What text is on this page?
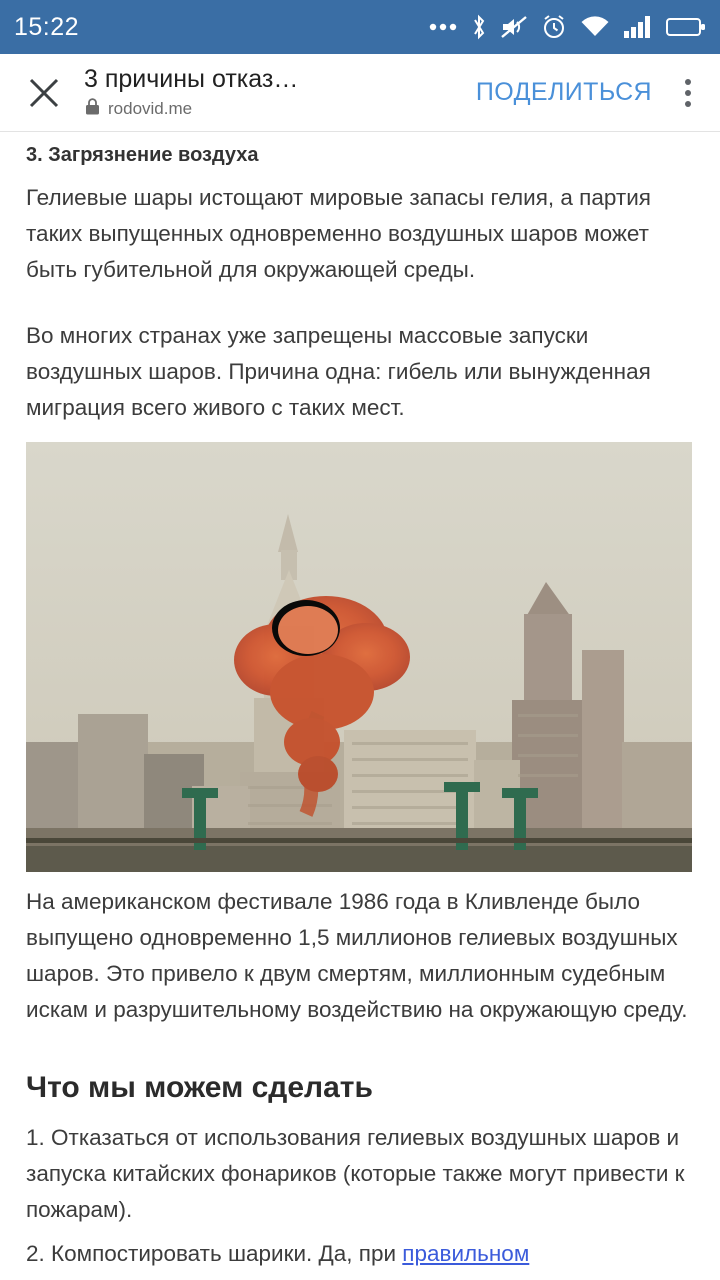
15:22
3 причины отказ…
rodovid.me
ПОДЕЛИТЬСЯ
3. Загрязнение воздуха

Гелиевые шары истощают мировые запасы гелия, а партия таких выпущенных одновременно воздушных шаров может быть губительной для окружающей среды.

Во многих странах уже запрещены массовые запуски воздушных шаров. Причина одна: гибель или вынужденная миграция всего живого с таких мест.

На американском фестивале 1986 года в Кливленде было выпущено одновременно 1,5 миллионов гелиевых воздушных шаров. Это привело к двум смертям, миллионным судебным искам и разрушительному воздействию на окружающую среду.

Что мы можем сделать

1. Отказаться от использования гелиевых воздушных шаров и запуска китайских фонариков (которые также могут привести к пожарам).

2. Компостировать шарики. Да, при правильном
